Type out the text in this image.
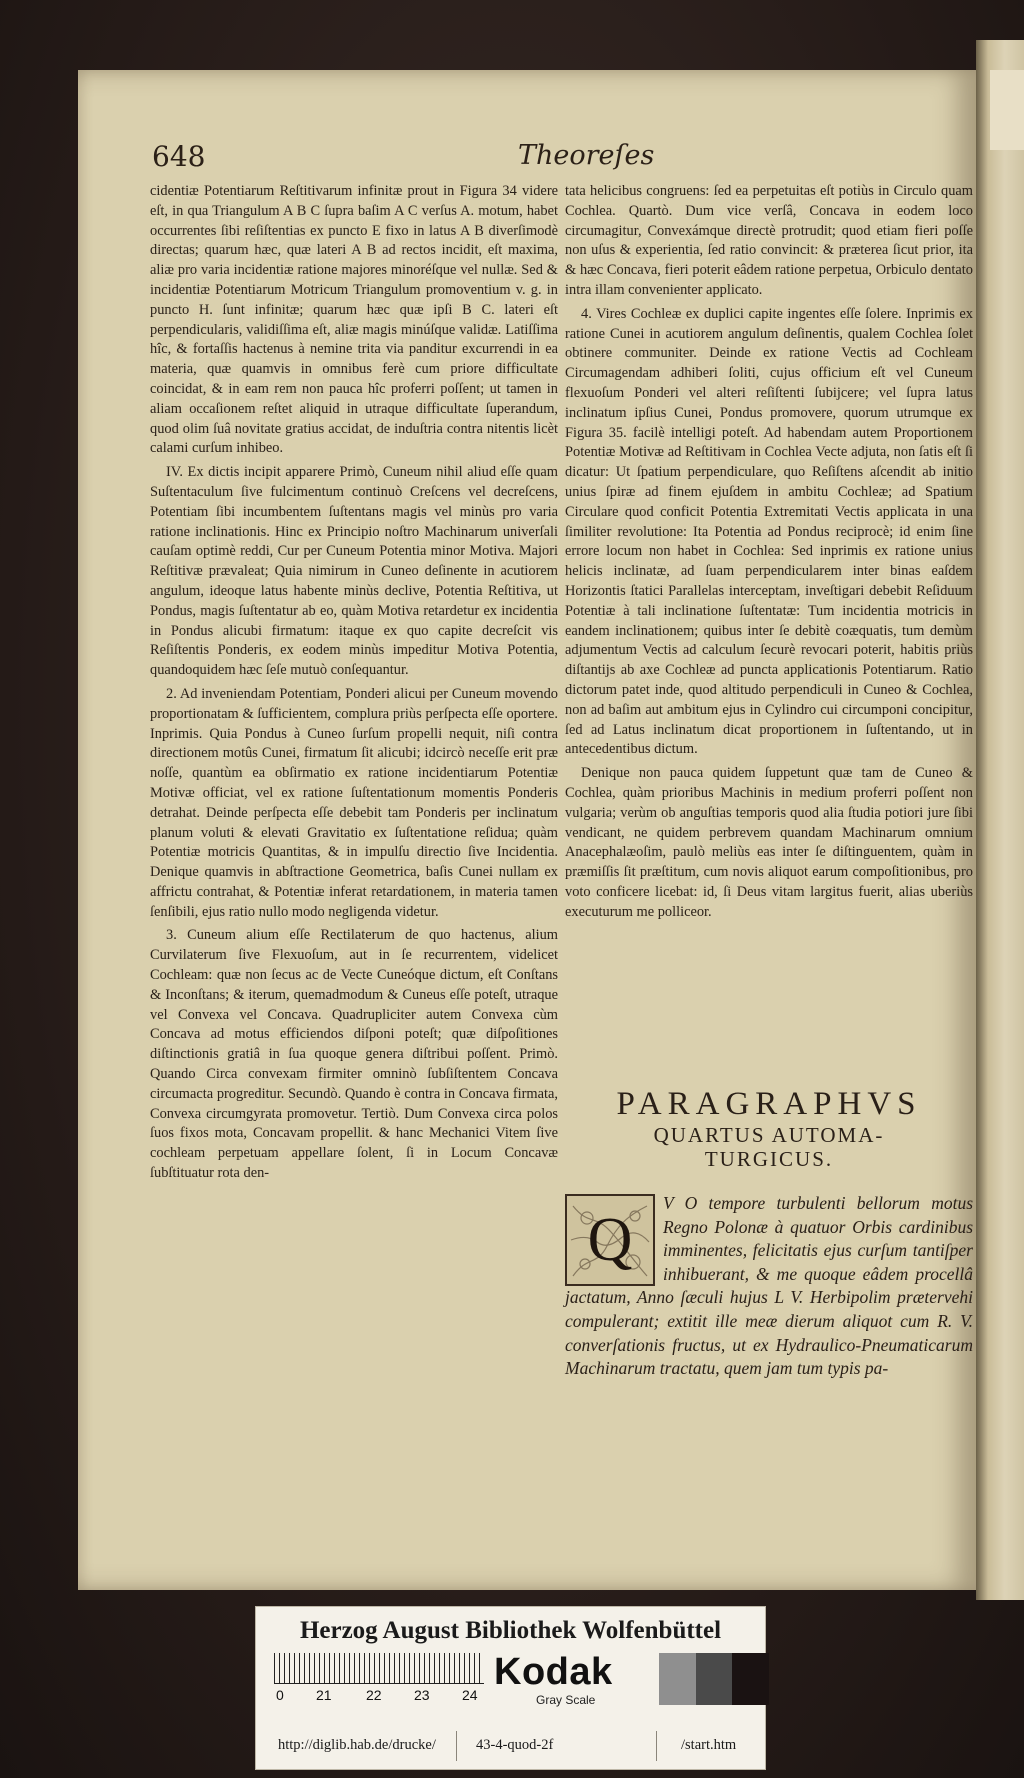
648	Theoreſes

cidentiæ Potentiarum Reſtitivarum infinitæ prout in Figura 34 videre eſt, in qua Triangulum A B C ſupra baſim A C verſus A. motum, habet occurrentes ſibi reſiſtentias ex puncto E fixo in latus A B diverſimodè directas; quarum hæc, quæ lateri A B ad rectos incidit, eſt maxima, aliæ pro varia incidentiæ ratione majores minoréſque vel nullæ. Sed & incidentiæ Potentiarum Motricum Triangulum promoventium v. g. in puncto H. ſunt infinitæ; quarum hæc quæ ipſi B C. lateri eſt perpendicularis, validiſſima eſt, aliæ magis minúſque validæ. Latiſſima hîc, & fortaſſis hactenus à nemine trita via panditur excurrendi in ea materia, quæ quamvis in omnibus ferè cum priore difficultate coincidat, & in eam rem non pauca hîc proferri poſſent; ut tamen in aliam occaſionem reſtet aliquid in utraque difficultate ſuperandum, quod olim ſuâ novitate gratius accidat, de induſtria contra nitentis licèt calami curſum inhibeo.

IV. Ex dictis incipit apparere Primò, Cuneum nihil aliud eſſe quam Suſtentaculum ſive fulcimentum continuò Creſcens vel decreſcens, Potentiam ſibi incumbentem ſuſtentans magis vel minùs pro varia ratione inclinationis. Hinc ex Principio noſtro Machinarum univerſali cauſam optimè reddi, Cur per Cuneum Potentia minor Motiva. Majori Reſtitivæ prævaleat; Quia nimirum in Cuneo deſinente in acutiorem angulum, ideoque latus habente minùs declive, Potentia Reſtitiva, ut Pondus, magis ſuſtentatur ab eo, quàm Motiva retardetur ex incidentia in Pondus alicubi firmatum: itaque ex quo capite decreſcit vis Reſiſtentis Ponderis, ex eodem minùs impeditur Motiva Potentia, quandoquidem hæc ſeſe mutuò conſequantur.

2. Ad inveniendam Potentiam, Ponderi alicui per Cuneum movendo proportionatam & ſufficientem, complura priùs perſpecta eſſe oportere. Inprimis. Quia Pondus à Cuneo ſurſum propelli nequit, niſi contra directionem motûs Cunei, firmatum ſit alicubi; idcircò neceſſe erit præ noſſe, quantùm ea obſirmatio ex ratione incidentiarum Potentiæ Motivæ officiat, vel ex ratione ſuſtentationum momentis Ponderis detrahat. Deinde perſpecta eſſe debebit tam Ponderis per inclinatum planum voluti & elevati Gravitatio ex ſuſtentatione reſidua; quàm Potentiæ motricis Quantitas, & in impulſu directio ſive Incidentia. Denique quamvis in abſtractione Geometrica, baſis Cunei nullam ex affrictu contrahat, & Potentiæ inferat retardationem, in materia tamen ſenſibili, ejus ratio nullo modo negligenda videtur.

3. Cuneum alium eſſe Rectilaterum de quo hactenus, alium Curvilaterum ſive Flexuoſum, aut in ſe recurrentem, videlicet Cochleam: quæ non ſecus ac de Vecte Cuneóque dictum, eſt Conſtans & Inconſtans; & iterum, quemadmodum & Cuneus eſſe poteſt, utraque vel Convexa vel Concava. Quadrupliciter autem Convexa cùm Concava ad motus efficiendos diſponi poteſt; quæ diſpoſitiones diſtinctionis gratiâ in ſua quoque genera diſtribui poſſent. Primò. Quando Circa convexam firmiter omninò ſubſiſtentem Concava circumacta progreditur. Secundò. Quando è contra in Concava firmata, Convexa circumgyrata promovetur. Tertiò. Dum Convexa circa polos ſuos fixos mota, Concavam propellit. & hanc Mechanici Vitem ſive cochleam perpetuam appellare ſolent, ſi in Locum Concavæ ſubſtituatur rota den-

tata helicibus congruens: ſed ea perpetuitas eſt potiùs in Circulo quam Cochlea. Quartò. Dum vice verſâ, Concava in eodem loco circumagitur, Convexámque directè protrudit; quod etiam fieri poſſe non uſus & experientia, ſed ratio convincit: & præterea ſicut prior, ita & hæc Concava, fieri poterit eâdem ratione perpetua, Orbiculo dentato intra illam convenienter applicato.

4. Vires Cochleæ ex duplici capite ingentes eſſe ſolere. Inprimis ex ratione Cunei in acutiorem angulum deſinentis, qualem Cochlea ſolet obtinere communiter. Deinde ex ratione Vectis ad Cochleam Circumagendam adhiberi ſoliti, cujus officium eſt vel Cuneum flexuoſum Ponderi vel alteri reſiſtenti ſubijcere; vel ſupra latus inclinatum ipſius Cunei, Pondus promovere, quorum utrumque ex Figura 35. facilè intelligi poteſt. Ad habendam autem Proportionem Potentiæ Motivæ ad Reſtitivam in Cochlea Vecte adjuta, non ſatis eſt ſi dicatur: Ut ſpatium perpendiculare, quo Reſiſtens aſcendit ab initio unius ſpiræ ad finem ejuſdem in ambitu Cochleæ; ad Spatium Circulare quod conficit Potentia Extremitati Vectis applicata in una ſimiliter revolutione: Ita Potentia ad Pondus reciprocè; id enim ſine errore locum non habet in Cochlea: Sed inprimis ex ratione unius helicis inclinatæ, ad ſuam perpendicularem inter binas eaſdem Horizontis ſtatici Parallelas interceptam, inveſtigari debebit Reſiduum Potentiæ à tali inclinatione ſuſtentatæ: Tum incidentia motricis in eandem inclinationem; quibus inter ſe debitè coæquatis, tum demùm adjumentum Vectis ad calculum ſecurè revocari poterit, habitis priùs diſtantijs ab axe Cochleæ ad puncta applicationis Potentiarum. Ratio dictorum patet inde, quod altitudo perpendiculi in Cuneo & Cochlea, non ad baſim aut ambitum ejus in Cylindro cui circumponi concipitur, ſed ad Latus inclinatum dicat proportionem in ſuſtentando, ut in antecedentibus dictum.

Denique non pauca quidem ſuppetunt quæ tam de Cuneo & Cochlea, quàm prioribus Machinis in medium proferri poſſent non vulgaria; verùm ob anguſtias temporis quod alia ſtudia potiori jure ſibi vendicant, ne quidem perbrevem quandam Machinarum omnium Anacephalæoſim, paulò meliùs eas inter ſe diſtinguentem, quàm in præmiſſis ſit præſtitum, cum novis aliquot earum compoſitionibus, pro voto conficere licebat: id, ſi Deus vitam largitus fuerit, alias uberiùs executurum me polliceor.

PARAGRAPHVS
QUARTUS AUTOMA-
TURGICUS.
Q
V O tempore turbulenti bellorum motus Regno Polonæ à quatuor Orbis cardinibus imminentes, felicitatis ejus curſum tantiſper inhibuerant, & me quoque eâdem procellâ jactatum, Anno ſæculi hujus L V. Herbipolim prætervehi compulerant; extitit ille meæ dierum aliquot cum R. V. converſationis fructus, ut ex Hydraulico-Pneumaticarum Machinarum tractatu, quem jam tum typis pa-
Herzog August Bibliothek Wolfenbüttel
0 21 22 23 24
Kodak
Gray Scale
http://diglib.hab.de/drucke/	43-4-quod-2f	/start.htm
